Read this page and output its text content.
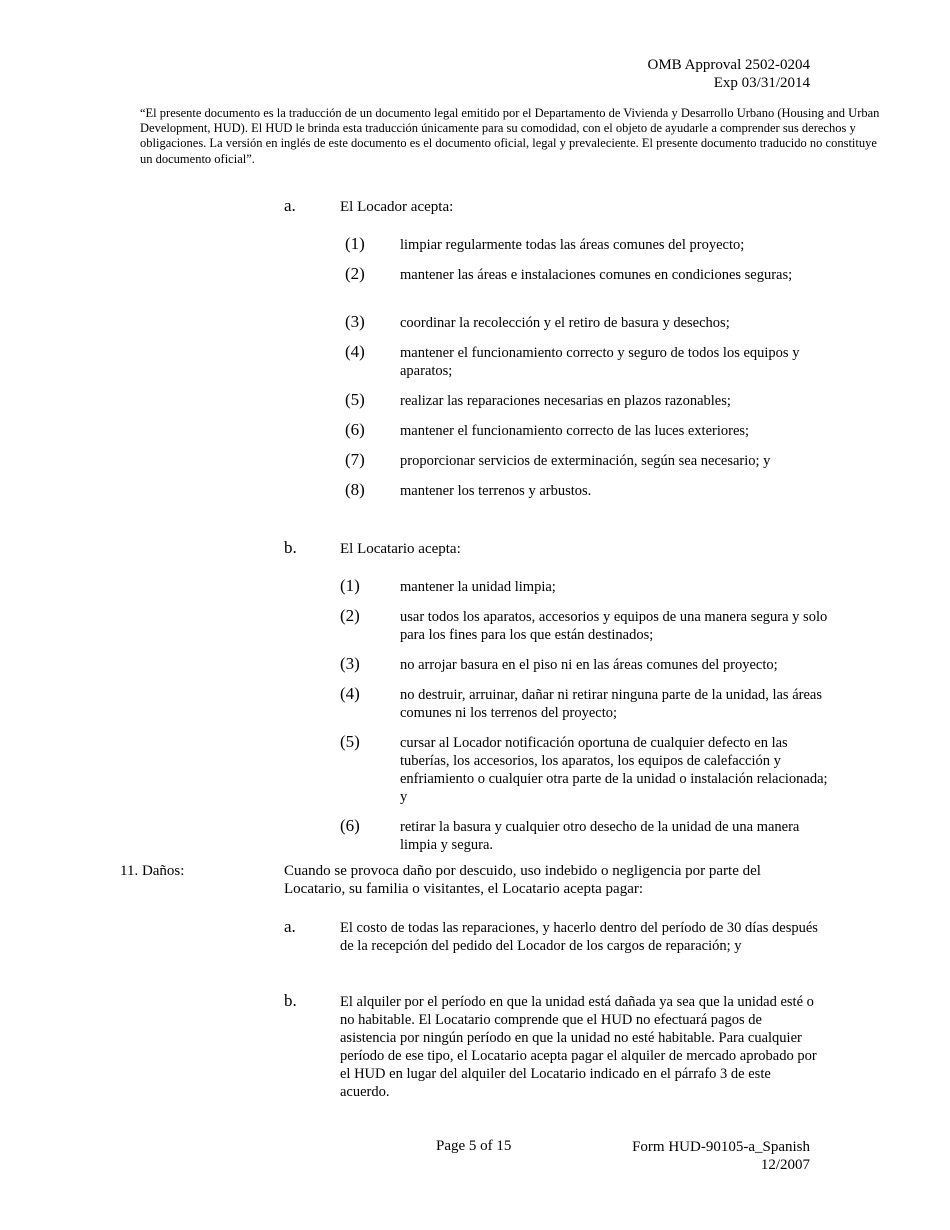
OMB Approval 2502-0204
Exp 03/31/2014
“El presente documento es la traducción de un documento legal emitido por el Departamento de Vivienda y Desarrollo Urbano (Housing and Urban Development, HUD). El HUD le brinda esta traducción únicamente para su comodidad, con el objeto de ayudarle a comprender sus derechos y obligaciones. La versión en inglés de este documento es el documento oficial, legal y prevaleciente. El presente documento traducido no constituye un documento oficial”.
a.	El Locador acepta:
(1) limpiar regularmente todas las áreas comunes del proyecto;
(2) mantener las áreas e instalaciones comunes en condiciones seguras;
(3) coordinar la recolección y el retiro de basura y desechos;
(4) mantener el funcionamiento correcto y seguro de todos los equipos y aparatos;
(5) realizar las reparaciones necesarias en plazos razonables;
(6) mantener el funcionamiento correcto de las luces exteriores;
(7) proporcionar servicios de exterminación, según sea necesario; y
(8) mantener los terrenos y arbustos.
b.	El Locatario acepta:
(1)	mantener la unidad limpia;
(2)	usar todos los aparatos, accesorios y equipos de una manera segura y solo para los fines para los que están destinados;
(3)	no arrojar basura en el piso ni en las áreas comunes del proyecto;
(4)	no destruir, arruinar, dañar ni retirar ninguna parte de la unidad, las áreas comunes ni los terrenos del proyecto;
(5)	cursar al Locador notificación oportuna de cualquier defecto en las tuberías, los accesorios, los aparatos, los equipos de calefacción y enfriamiento o cualquier otra parte de la unidad o instalación relacionada; y
(6)	retirar la basura y cualquier otro desecho de la unidad de una manera limpia y segura.
11. Daños:	Cuando se provoca daño por descuido, uso indebido o negligencia por parte del Locatario, su familia o visitantes, el Locatario acepta pagar:
a.	El costo de todas las reparaciones, y hacerlo dentro del período de 30 días después de la recepción del pedido del Locador de los cargos de reparación; y
b.	El alquiler por el período en que la unidad está dañada ya sea que la unidad esté o no habitable. El Locatario comprende que el HUD no efectuará pagos de asistencia por ningún período en que la unidad no esté habitable. Para cualquier período de ese tipo, el Locatario acepta pagar el alquiler de mercado aprobado por el HUD en lugar del alquiler del Locatario indicado en el párrafo 3 de este acuerdo.
Page 5 of 15	Form HUD-90105-a_Spanish
12/2007
